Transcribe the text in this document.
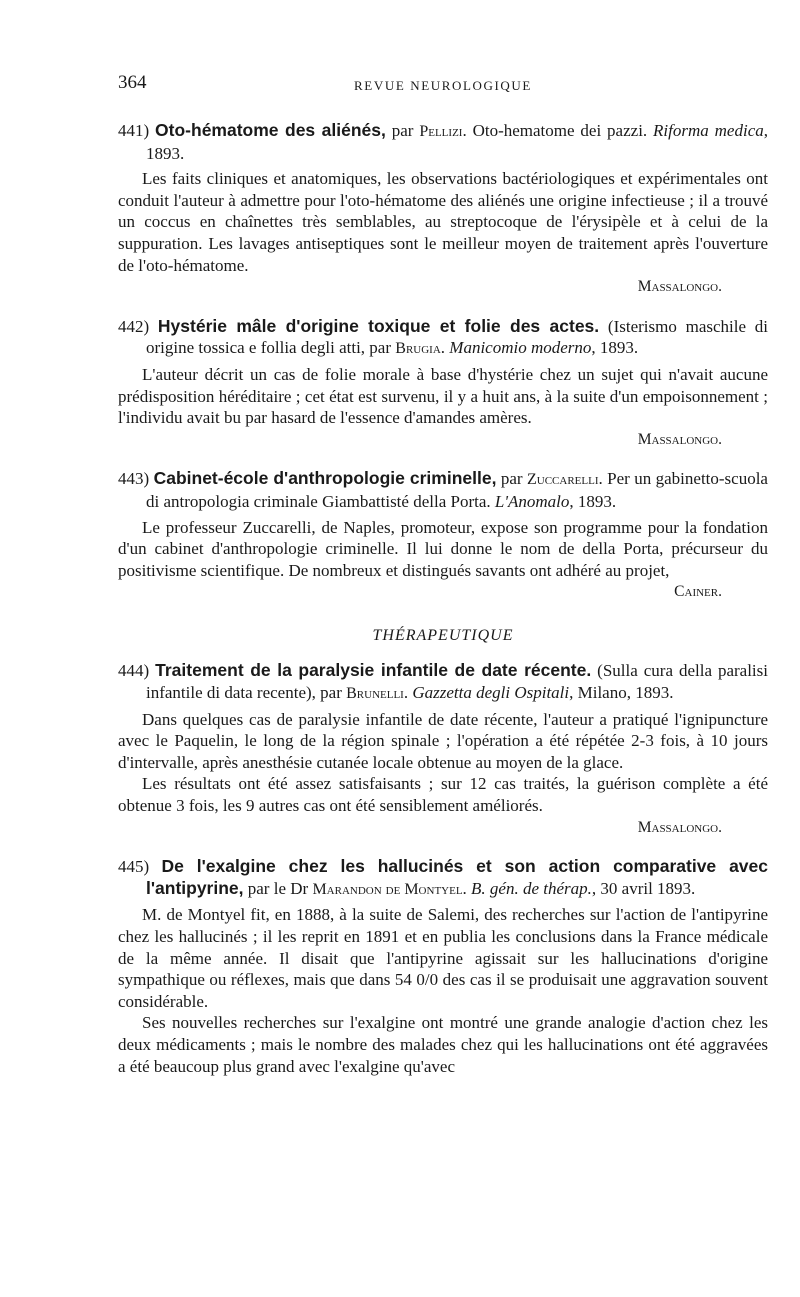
364	REVUE NEUROLOGIQUE

441) Oto-hématome des aliénés, par Pellizi. Oto-hematome dei pazzi. Riforma medica, 1893.

Les faits cliniques et anatomiques, les observations bactériologiques et expérimentales ont conduit l'auteur à admettre pour l'oto-hématome des aliénés une origine infectieuse ; il a trouvé un coccus en chaînettes très semblables, au streptocoque de l'érysipèle et à celui de la suppuration. Les lavages antiseptiques sont le meilleur moyen de traitement après l'ouverture de l'oto-hématome.

Massalongo.

442) Hystérie mâle d'origine toxique et folie des actes. (Isterismo maschile di origine tossica e follia degli atti, par Brugia. Manicomio moderno, 1893.

L'auteur décrit un cas de folie morale à base d'hystérie chez un sujet qui n'avait aucune prédisposition héréditaire ; cet état est survenu, il y a huit ans, à la suite d'un empoisonnement ; l'individu avait bu par hasard de l'essence d'amandes amères.

Massalongo.

443) Cabinet-école d'anthropologie criminelle, par Zuccarelli. Per un gabinetto-scuola di antropologia criminale Giambattisté della Porta. L'Anomalo, 1893.

Le professeur Zuccarelli, de Naples, promoteur, expose son programme pour la fondation d'un cabinet d'anthropologie criminelle. Il lui donne le nom de della Porta, précurseur du positivisme scientifique. De nombreux et distingués savants ont adhéré au projet,

Cainer.

THÉRAPEUTIQUE

444) Traitement de la paralysie infantile de date récente. (Sulla cura della paralisi infantile di data recente), par Brunelli. Gazzetta degli Ospitali, Milano, 1893.

Dans quelques cas de paralysie infantile de date récente, l'auteur a pratiqué l'ignipuncture avec le Paquelin, le long de la région spinale ; l'opération a été répétée 2-3 fois, à 10 jours d'intervalle, après anesthésie cutanée locale obtenue au moyen de la glace.

Les résultats ont été assez satisfaisants ; sur 12 cas traités, la guérison complète a été obtenue 3 fois, les 9 autres cas ont été sensiblement améliorés.

Massalongo.

445) De l'exalgine chez les hallucinés et son action comparative avec l'antipyrine, par le Dr Marandon de Montyel. B. gén. de thérap., 30 avril 1893.

M. de Montyel fit, en 1888, à la suite de Salemi, des recherches sur l'action de l'antipyrine chez les hallucinés ; il les reprit en 1891 et en publia les conclusions dans la France médicale de la même année. Il disait que l'antipyrine agissait sur les hallucinations d'origine sympathique ou réflexes, mais que dans 54 0/0 des cas il se produisait une aggravation souvent considérable.

Ses nouvelles recherches sur l'exalgine ont montré une grande analogie d'action chez les deux médicaments ; mais le nombre des malades chez qui les hallucinations ont été aggravées a été beaucoup plus grand avec l'exalgine qu'avec
